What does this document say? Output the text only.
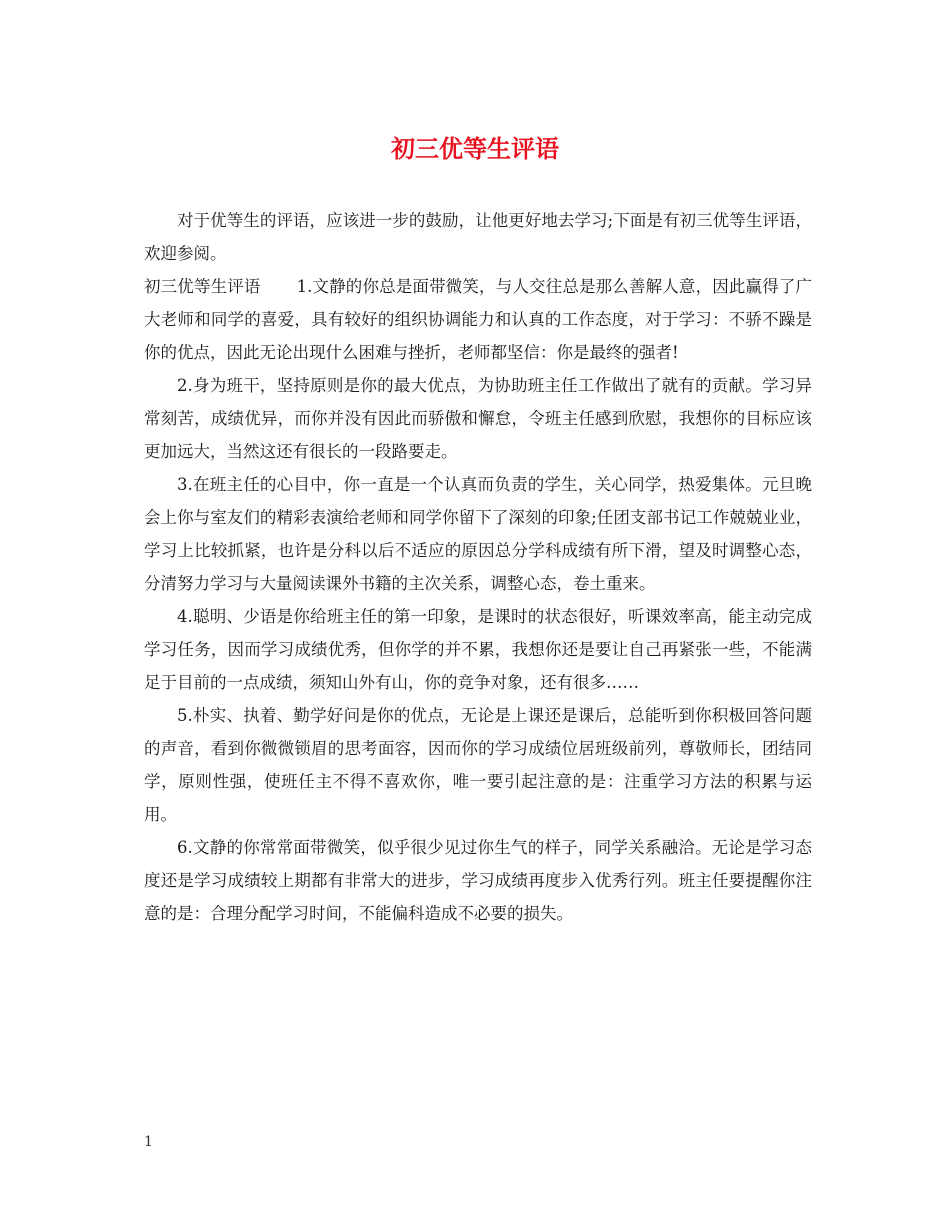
初三优等生评语

对于优等生的评语，应该进一步的鼓励，让他更好地去学习;下面是有初三优等生评语，欢迎参阅。

初三优等生评语 1.文静的你总是面带微笑，与人交往总是那么善解人意，因此赢得了广大老师和同学的喜爱，具有较好的组织协调能力和认真的工作态度，对于学习：不骄不躁是你的优点，因此无论出现什么困难与挫折，老师都坚信：你是最终的强者!

2.身为班干，坚持原则是你的最大优点，为协助班主任工作做出了就有的贡献。学习异常刻苦，成绩优异，而你并没有因此而骄傲和懈怠，令班主任感到欣慰，我想你的目标应该更加远大，当然这还有很长的一段路要走。

3.在班主任的心目中，你一直是一个认真而负责的学生，关心同学，热爱集体。元旦晚会上你与室友们的精彩表演给老师和同学你留下了深刻的印象;任团支部书记工作兢兢业业，学习上比较抓紧，也许是分科以后不适应的原因总分学科成绩有所下滑，望及时调整心态，分清努力学习与大量阅读课外书籍的主次关系，调整心态，卷土重来。

4.聪明、少语是你给班主任的第一印象，是课时的状态很好，听课效率高，能主动完成学习任务，因而学习成绩优秀，但你学的并不累，我想你还是要让自己再紧张一些，不能满足于目前的一点成绩，须知山外有山，你的竞争对象，还有很多……

5.朴实、执着、勤学好问是你的优点，无论是上课还是课后，总能听到你积极回答问题的声音，看到你微微锁眉的思考面容，因而你的学习成绩位居班级前列，尊敬师长，团结同学，原则性强，使班任主不得不喜欢你，唯一要引起注意的是：注重学习方法的积累与运用。

6.文静的你常常面带微笑，似乎很少见过你生气的样子，同学关系融洽。无论是学习态度还是学习成绩较上期都有非常大的进步，学习成绩再度步入优秀行列。班主任要提醒你注意的是：合理分配学习时间，不能偏科造成不必要的损失。

1
